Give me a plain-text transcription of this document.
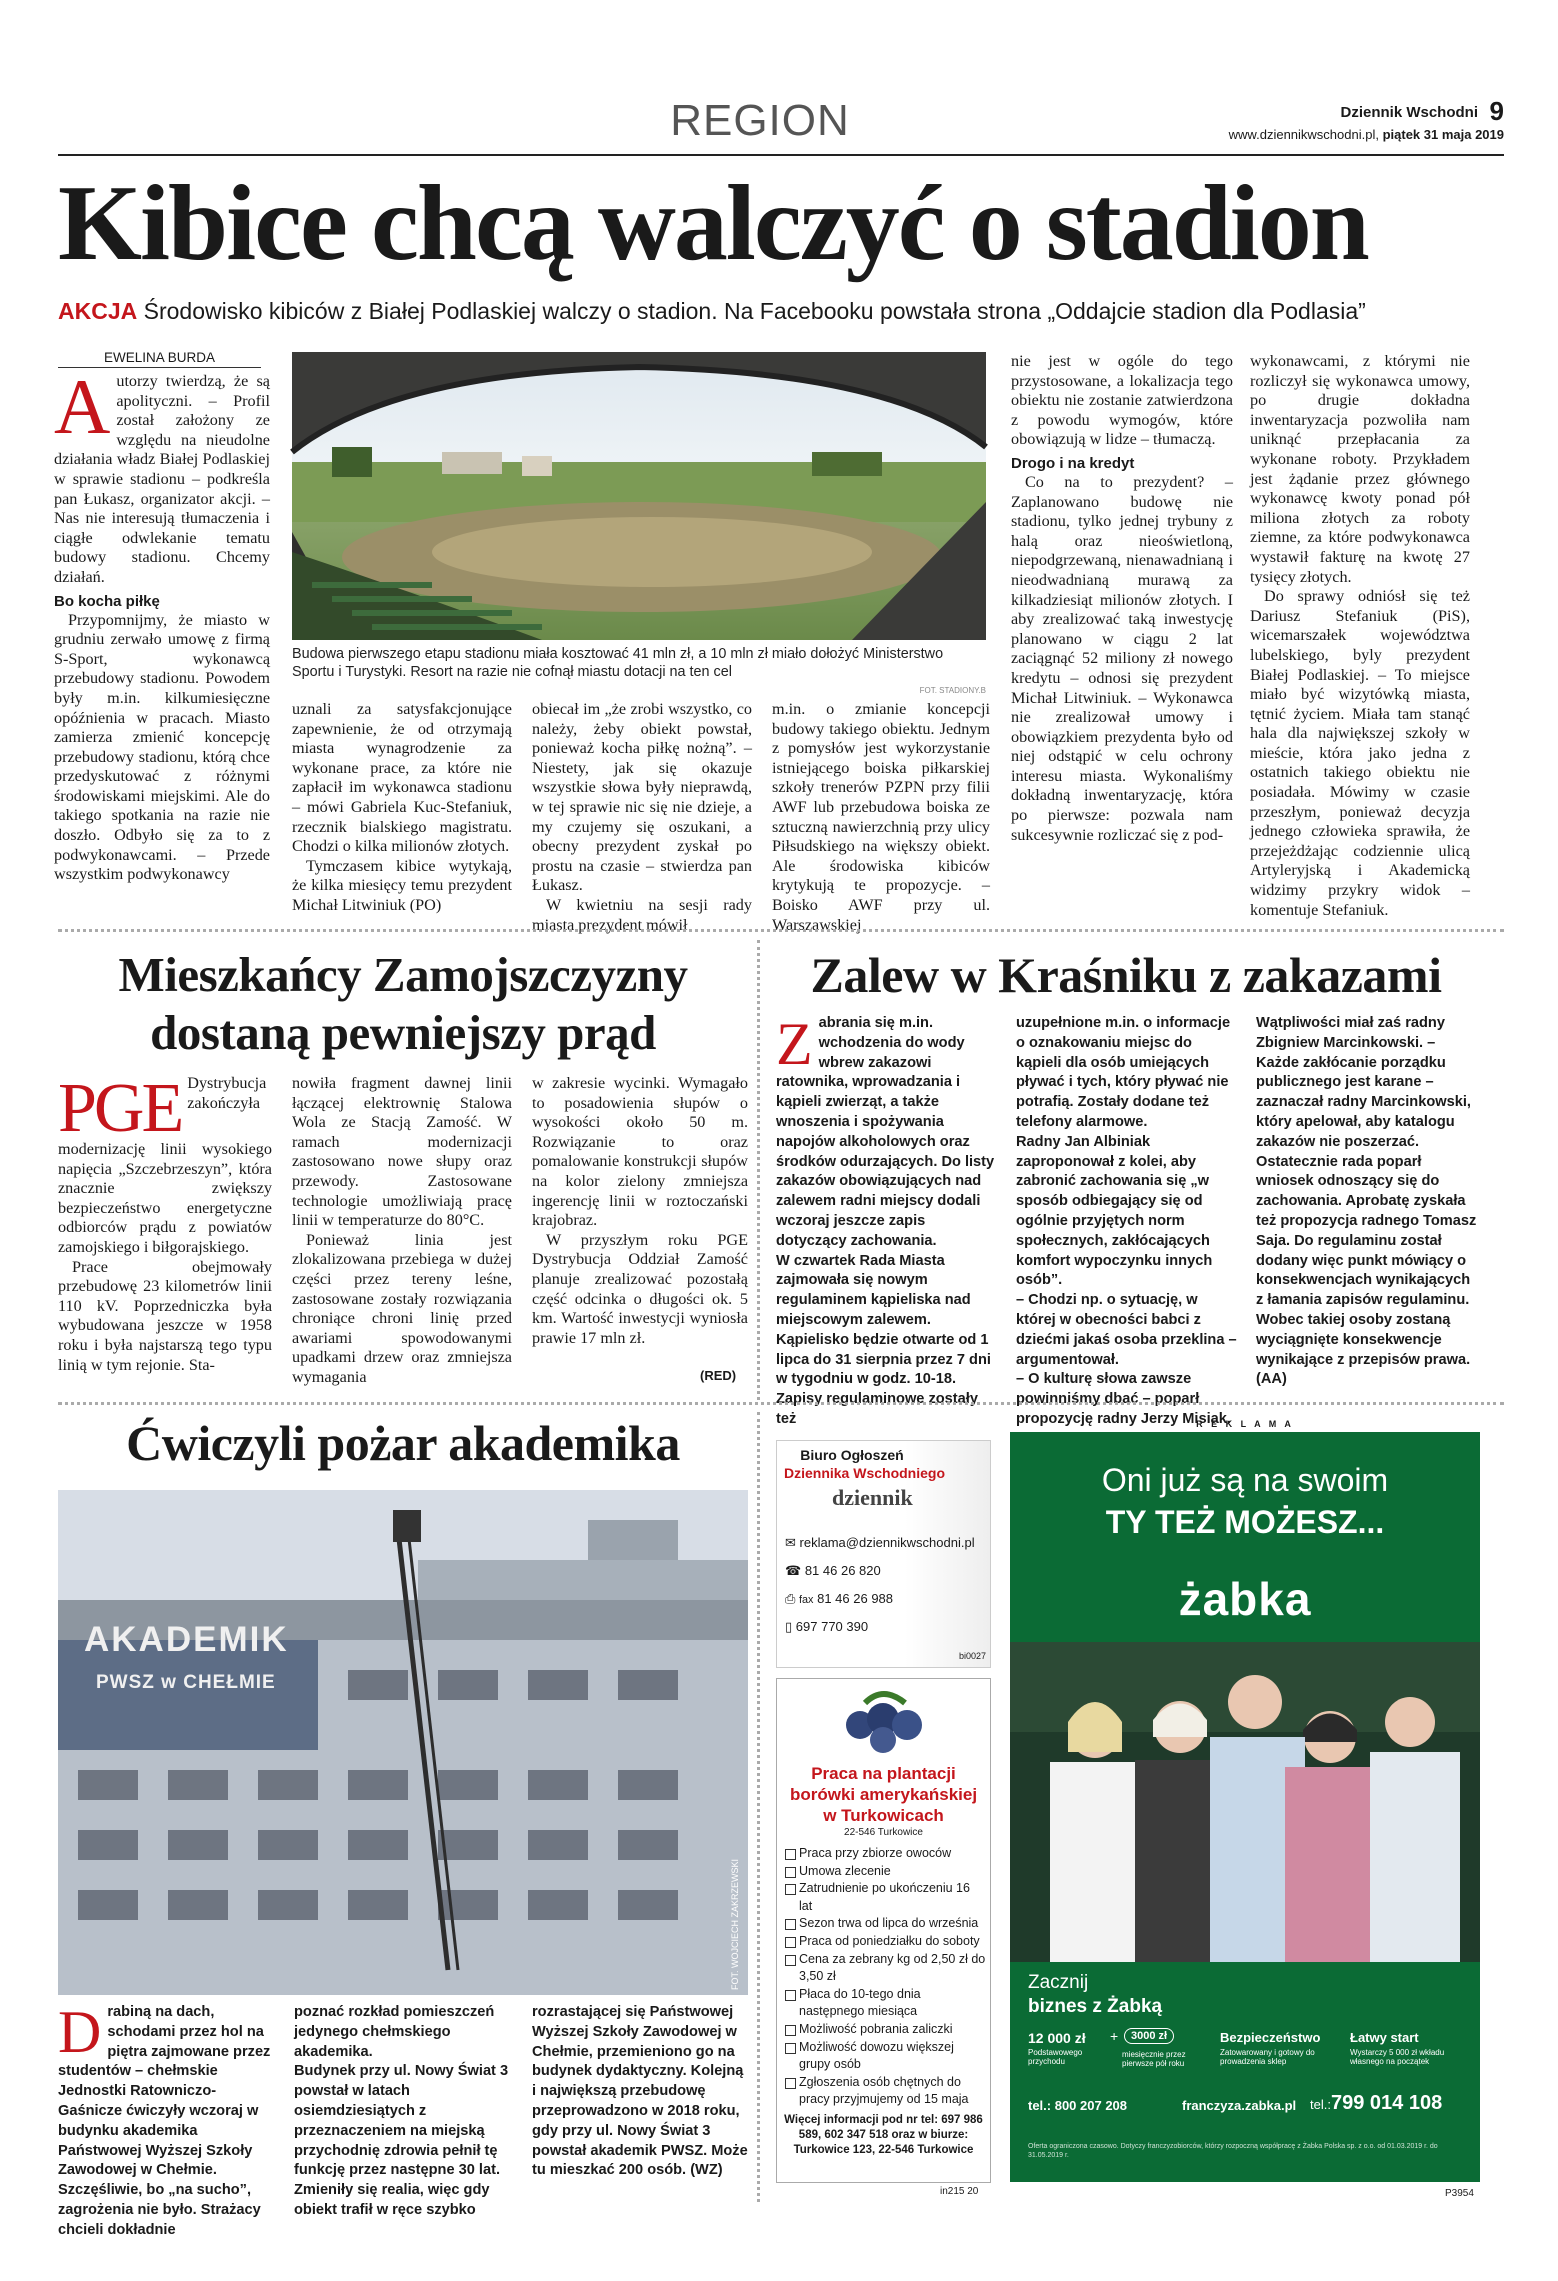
REGION	Dziennik Wschodni 9
www.dziennikwschodni.pl, piątek 31 maja 2019
Kibice chcą walczyć o stadion
AKCJA Środowisko kibiców z Białej Podlaskiej walczy o stadion. Na Facebooku powstała strona „Oddajcie stadion dla Podlasia”
EWELINA BURDA
A utorzy twierdzą, że są apolityczni. – Profil został założony ze względu na nieudolne działania władz Białej Podlaskiej w sprawie stadionu – podkreśla pan Łukasz, organizator akcji. – Nas nie interesują tłumaczenia i ciągłe odwlekanie tematu budowy stadionu. Chcemy działań.
Bo kocha piłkę

Przypomnijmy, że miasto w grudniu zerwało umowę z firmą S-Sport, wykonawcą przebudowy stadionu. Powodem były m.in. kilkumiesięczne opóźnienia w pracach. Miasto zamierza zmienić koncepcję przebudowy stadionu, którą chce przedyskutować z różnymi środowiskami miejskimi. Ale do takiego spotkania na razie nie doszło. Odbyło się za to z podwykonawcami. – Przede wszystkim podwykonawcy

Budowa pierwszego etapu stadionu miała kosztować 41 mln zł, a 10 mln zł miało dołożyć Ministerstwo Sportu i Turystyki. Resort na razie nie cofnął miastu dotacji na ten cel
FOT. STADIONY.B

uznali za satysfakcjonujące zapewnienie, że od otrzymają miasta wynagrodzenie za wykonane prace, za które nie zapłacił im wykonawca stadionu – mówi Gabriela Kuc-Stefaniuk, rzecznik bialskiego magistratu. Chodzi o kilka milionów złotych.

Tymczasem kibice wytykają, że kilka miesięcy temu prezydent Michał Litwiniuk (PO)

obiecał im „że zrobi wszystko, co należy, żeby obiekt powstał, ponieważ kocha piłkę nożną”. – Niestety, jak się okazuje wszystkie słowa były nieprawdą, w tej sprawie nic się nie dzieje, a my czujemy się oszukani, a obecny prezydent zyskał po prostu na czasie – stwierdza pan Łukasz.

W kwietniu na sesji rady miasta prezydent mówił

m.in. o zmianie koncepcji budowy takiego obiektu. Jednym z pomysłów jest wykorzystanie istniejącego boiska piłkarskiej szkoły trenerów PZPN przy filii AWF lub przebudowa boiska ze sztuczną nawierzchnią przy ulicy Piłsudskiego na większy obiekt. Ale środowiska kibiców krytykują te propozycje. – Boisko AWF przy ul. Warszawskiej

nie jest w ogóle do tego przystosowane, a lokalizacja tego obiektu nie zostanie zatwierdzona z powodu wymogów, które obowiązują w lidze – tłumaczą.

Drogo i na kredyt

Co na to prezydent? – Zaplanowano budowę nie stadionu, tylko jednej trybuny z halą oraz nieoświetloną, niepodgrzewaną, nienawadnianą i nieodwadnianą murawą za kilkadziesiąt milionów złotych. I aby zrealizować taką inwestycję planowano w ciągu 2 lat zaciągnąć 52 miliony zł nowego kredytu – odnosi się prezydent Michał Litwiniuk. – Wykonawca nie zrealizował umowy i obowiązkiem prezydenta było od niej odstąpić w celu ochrony interesu miasta. Wykonaliśmy dokładną inwentaryzację, która po pierwsze: pozwala nam sukcesywnie rozliczać się z pod-

wykonawcami, z którymi nie rozliczył się wykonawca umowy, po drugie dokładna inwentaryzacja pozwoliła nam uniknąć przepłacania za wykonane roboty. Przykładem jest żądanie przez głównego wykonawcę kwoty ponad pół miliona złotych za roboty ziemne, za które podwykonawca wystawił fakturę na kwotę 27 tysięcy złotych.

Do sprawy odniósł się też Dariusz Stefaniuk (PiS), wicemarszałek województwa lubelskiego, byly prezydent Białej Podlaskiej. – To miejsce miało być wizytówką miasta, tętnić życiem. Miała tam stanąć hala dla największej szkoły w mieście, która jako jedna z ostatnich takiego obiektu nie posiadała. Mówimy w czasie przeszłym, ponieważ decyzja jednego człowieka sprawiła, że przejeżdżając codziennie ulicą Artyleryjską i Akademicką widzimy przykry widok – komentuje Stefaniuk.

Mieszkańcy Zamojszczyzny
dostaną pewniejszy prąd
PGE Dystrybucja zakończyła modernizację linii wysokiego napięcia „Szczebrzeszyn”, która znacznie zwiększy bezpieczeństwo energetyczne odbiorców prądu z powiatów zamojskiego i biłgorajskiego.

Prace obejmowały przebudowę 23 kilometrów linii 110 kV. Poprzedniczka była wybudowana jeszcze w 1958 roku i była najstarszą tego typu linią w tym rejonie. Sta-

nowiła fragment dawnej linii łączącej elektrownię Stalowa Wola ze Stacją Zamość. W ramach modernizacji zastosowano nowe słupy oraz przewody. Zastosowane technologie umożliwiają pracę linii w temperaturze do 80°C.

Ponieważ linia jest zlokalizowana przebiega w dużej części przez tereny leśne, zastosowane zostały rozwiązania chroniące chroni linię przed awariami spowodowanymi upadkami drzew oraz zmniejsza wymagania

w zakresie wycinki. Wymagało to posadowienia słupów o wysokości około 50 m. Rozwiązanie to oraz pomalowanie konstrukcji słupów na kolor zielony zmniejsza ingerencję linii w roztoczański krajobraz.

W przyszłym roku PGE Dystrybucja Oddział Zamość planuje zrealizować pozostałą część odcinka o długości ok. 5 km. Wartość inwestycji wyniosła prawie 17 mln zł.

(RED)
Zalew w Kraśniku z zakazami
Z abrania się m.in. wchodzenia do wody wbrew zakazowi ratownika, wprowadzania i kąpieli zwierząt, a także wnoszenia i spożywania napojów alkoholowych oraz środków odurzających. Do listy zakazów obowiązujących nad zalewem radni miejscy dodali wczoraj jeszcze zapis dotyczący zachowania.
W czwartek Rada Miasta zajmowała się nowym regulaminem kąpieliska nad miejscowym zalewem. Kąpielisko będzie otwarte od 1 lipca do 31 sierpnia przez 7 dni w tygodniu w godz. 10-18. Zapisy regulaminowe zostały też
uzupełnione m.in. o informacje o oznakowaniu miejsc do kąpieli dla osób umiejących pływać i tych, który pływać nie potrafią. Zostały dodane też telefony alarmowe.
Radny Jan Albiniak zaproponował z kolei, aby zabronić zachowania się „w sposób odbiegający się od ogólnie przyjętych norm społecznych, zakłócających komfort wypoczynku innych osób”.
– Chodzi np. o sytuację, w której w obecności babci z dziećmi jakaś osoba przeklina – argumentował.
– O kulturę słowa zawsze powinniśmy dbać – poparł propozycję radny Jerzy Misiak.
Wątpliwości miał zaś radny Zbigniew Marcinkowski. – Każde zakłócanie porządku publicznego jest karane – zaznaczał radny Marcinkowski, który apelował, aby katalogu zakazów nie poszerzać. Ostatecznie rada poparł wniosek odnoszący się do zachowania. Aprobatę zyskała też propozycja radnego Tomasz Saja. Do regulaminu został dodany więc punkt mówiący o konsekwencjach wynikających z łamania zapisów regulaminu. Wobec takiej osoby zostaną wyciągnięte konsekwencje wynikające z przepisów prawa. (AA)
Ćwiczyli pożar akademika
AKADEMIK
PWSZ w CHEŁMIE
FOT. WOJCIECH ZAKRZEWSKI
D rabiną na dach, schodami przez hol na piętra zajmowane przez studentów – chełmskie Jednostki Ratowniczo-Gaśnicze ćwiczyły wczoraj w budynku akademika Państwowej Wyższej Szkoły Zawodowej w Chełmie. Szczęśliwie, bo „na sucho”, zagrożenia nie było. Strażacy chcieli dokładnie
poznać rozkład pomieszczeń jedynego chełmskiego akademika.
Budynek przy ul. Nowy Świat 3 powstał w latach osiemdziesiątych z przeznaczeniem na miejską przychodnię zdrowia pełnił tę funkcję przez następne 30 lat. Zmieniły się realia, więc gdy obiekt trafił w ręce szybko
rozrastającej się Państwowej Wyższej Szkoły Zawodowej w Chełmie, przemieniono go na budynek dydaktyczny. Kolejną i największą przebudowę przeprowadzono w 2018 roku, gdy przy ul. Nowy Świat 3 powstał akademik PWSZ. Może tu mieszkać 200 osób. (WZ)
Biuro Ogłoszeń
Dziennika Wschodniego
dziennik
✉ reklama@dziennikwschodni.pl
☎ 81 46 26 820
⎙ fax 81 46 26 988
▯ 697 770 390
bi0027
Praca na plantacji borówki amerykańskiej w Turkowicach
22-546 Turkowice
Praca przy zbiorze owoców
Umowa zlecenie
Zatrudnienie po ukończeniu 16 lat
Sezon trwa od lipca do września
Praca od poniedziałku do soboty
Cena za zebrany kg od 2,50 zł do 3,50 zł
Płaca do 10-tego dnia następnego miesiąca
Możliwość pobrania zaliczki
Możliwość dowozu większej grupy osób
Zgłoszenia osób chętnych do pracy przyjmujemy od 15 maja
Więcej informacji pod nr tel: 697 986 589, 602 347 518 oraz w biurze: Turkowice 123, 22-546 Turkowice
in215 20
R E K L A M A
Oni już są na swoim
TY TEŻ MOŻESZ...
żabka
Zacznij
biznes z Żabką
12 000 zł
Podstawowego przychodu
+	3000 zł
miesięcznie przez pierwsze pół roku
Bezpieczeństwo
Zatowarowany i gotowy do prowadzenia sklep
Łatwy start
Wystarczy 5 000 zł wkładu własnego na początek
tel.: 800 207 208	franczyza.zabka.pl tel.:799 014 108
Oferta ograniczona czasowo. Dotyczy franczyzobiorców, którzy rozpoczną współpracę z Żabka Polska sp. z o.o. od 01.03.2019 r. do 31.05.2019 r.
P3954
